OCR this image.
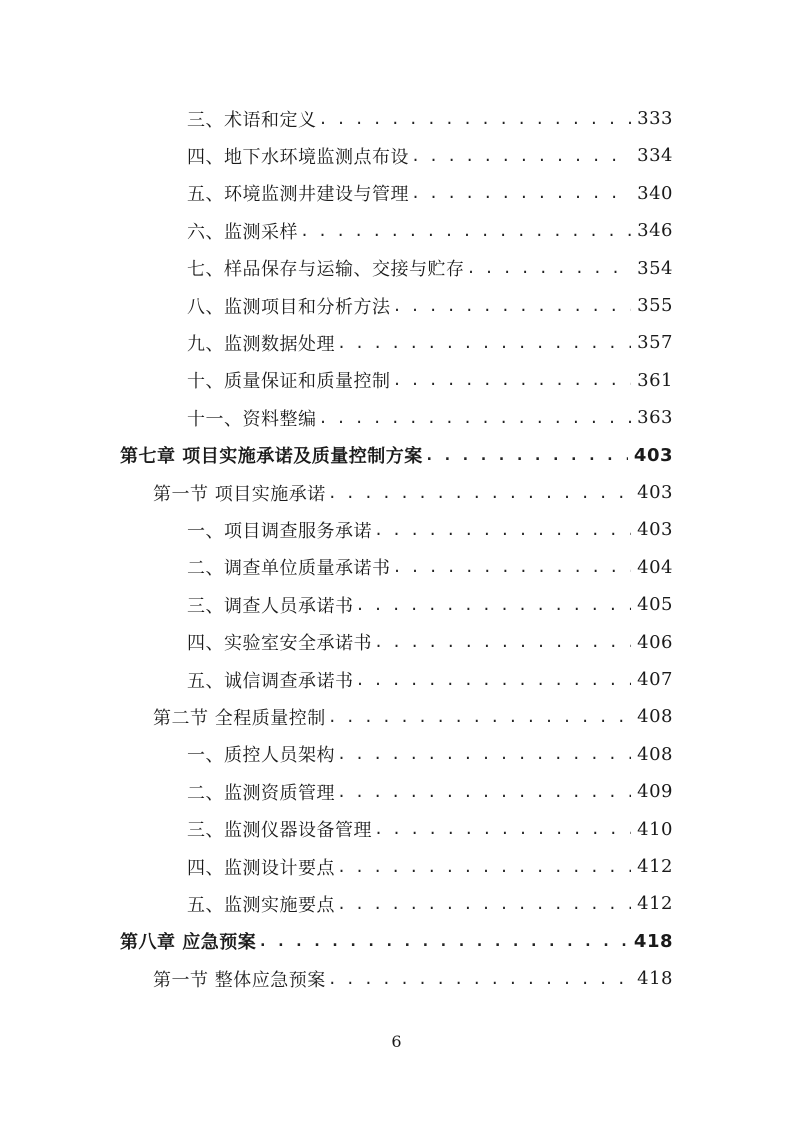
三、术语和定义 . . .	333
四、地下水环境监测点布设 . . .	334
五、环境监测井建设与管理 . . .	340
六、监测采样 . . .	346
七、样品保存与运输、交接与贮存 . . .	354
八、监测项目和分析方法 . . .	355
九、监测数据处理 . . .	357
十、质量保证和质量控制 . . .	361
十一、资料整编 . . .	363
第七章 项目实施承诺及质量控制方案 . . .	403
第一节 项目实施承诺 . . .	403
一、项目调查服务承诺 . . .	403
二、调查单位质量承诺书 . . .	404
三、调查人员承诺书 . . .	405
四、实验室安全承诺书 . . .	406
五、诚信调查承诺书 . . .	407
第二节 全程质量控制 . . .	408
一、质控人员架构 . . .	408
二、监测资质管理 . . .	409
三、监测仪器设备管理 . . .	410
四、监测设计要点 . . .	412
五、监测实施要点 . . .	412
第八章 应急预案 . . .	418
第一节 整体应急预案 . . .	418
6
